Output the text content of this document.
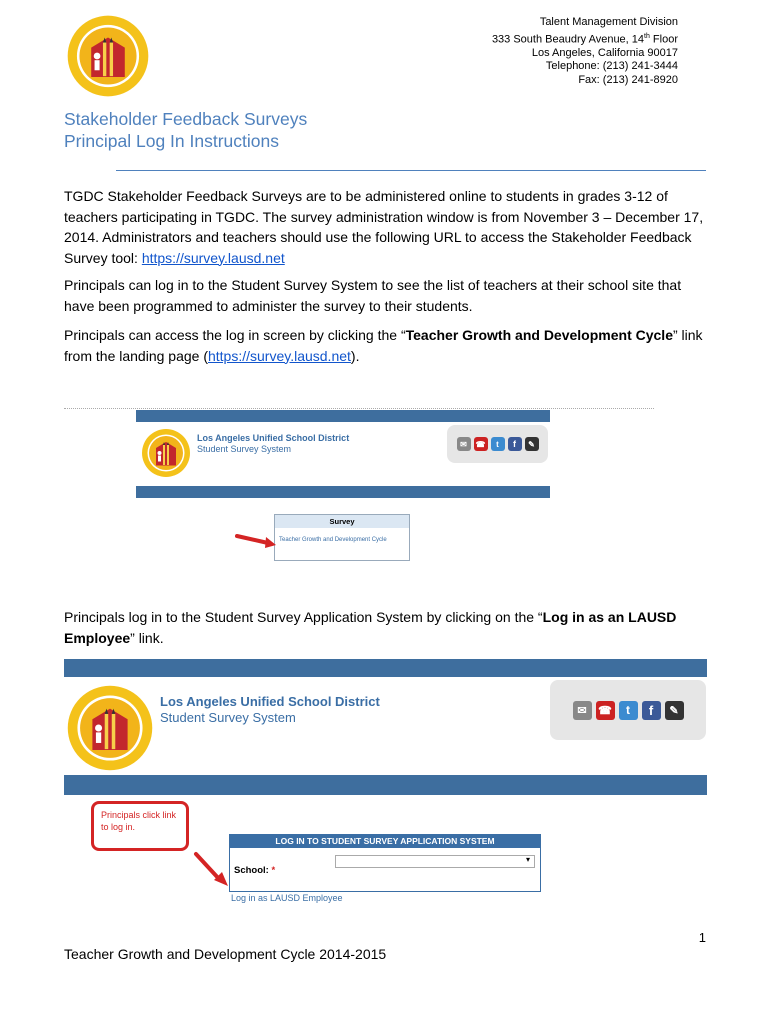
Talent Management Division
333 South Beaudry Avenue, 14th Floor
Los Angeles, California 90017
Telephone: (213) 241-3444
Fax: (213) 241-8920
Stakeholder Feedback Surveys
Principal Log In Instructions
TGDC Stakeholder Feedback Surveys are to be administered online to students in grades 3-12 of teachers participating in TGDC. The survey administration window is from November 3 – December 17, 2014. Administrators and teachers should use the following URL to access the Stakeholder Feedback Survey tool: https://survey.lausd.net
Principals can log in to the Student Survey System to see the list of teachers at their school site that have been programmed to administer the survey to their students.
Principals can access the log in screen by clicking the “Teacher Growth and Development Cycle” link from the landing page (https://survey.lausd.net).
Los Angeles Unified School District
Student Survey System	✉	☎	t	f	✎
Survey
Teacher Growth and Development Cycle
Principals log in to the Student Survey Application System by clicking on the “Log in as an LAUSD Employee” link.
Los Angeles Unified School District
Student Survey System	✉	☎	t	f	✎
Principals click link to log in.
LOG IN TO STUDENT SURVEY APPLICATION SYSTEM
School: *
▾
Log in as LAUSD Employee
1
Teacher Growth and Development Cycle 2014-2015
